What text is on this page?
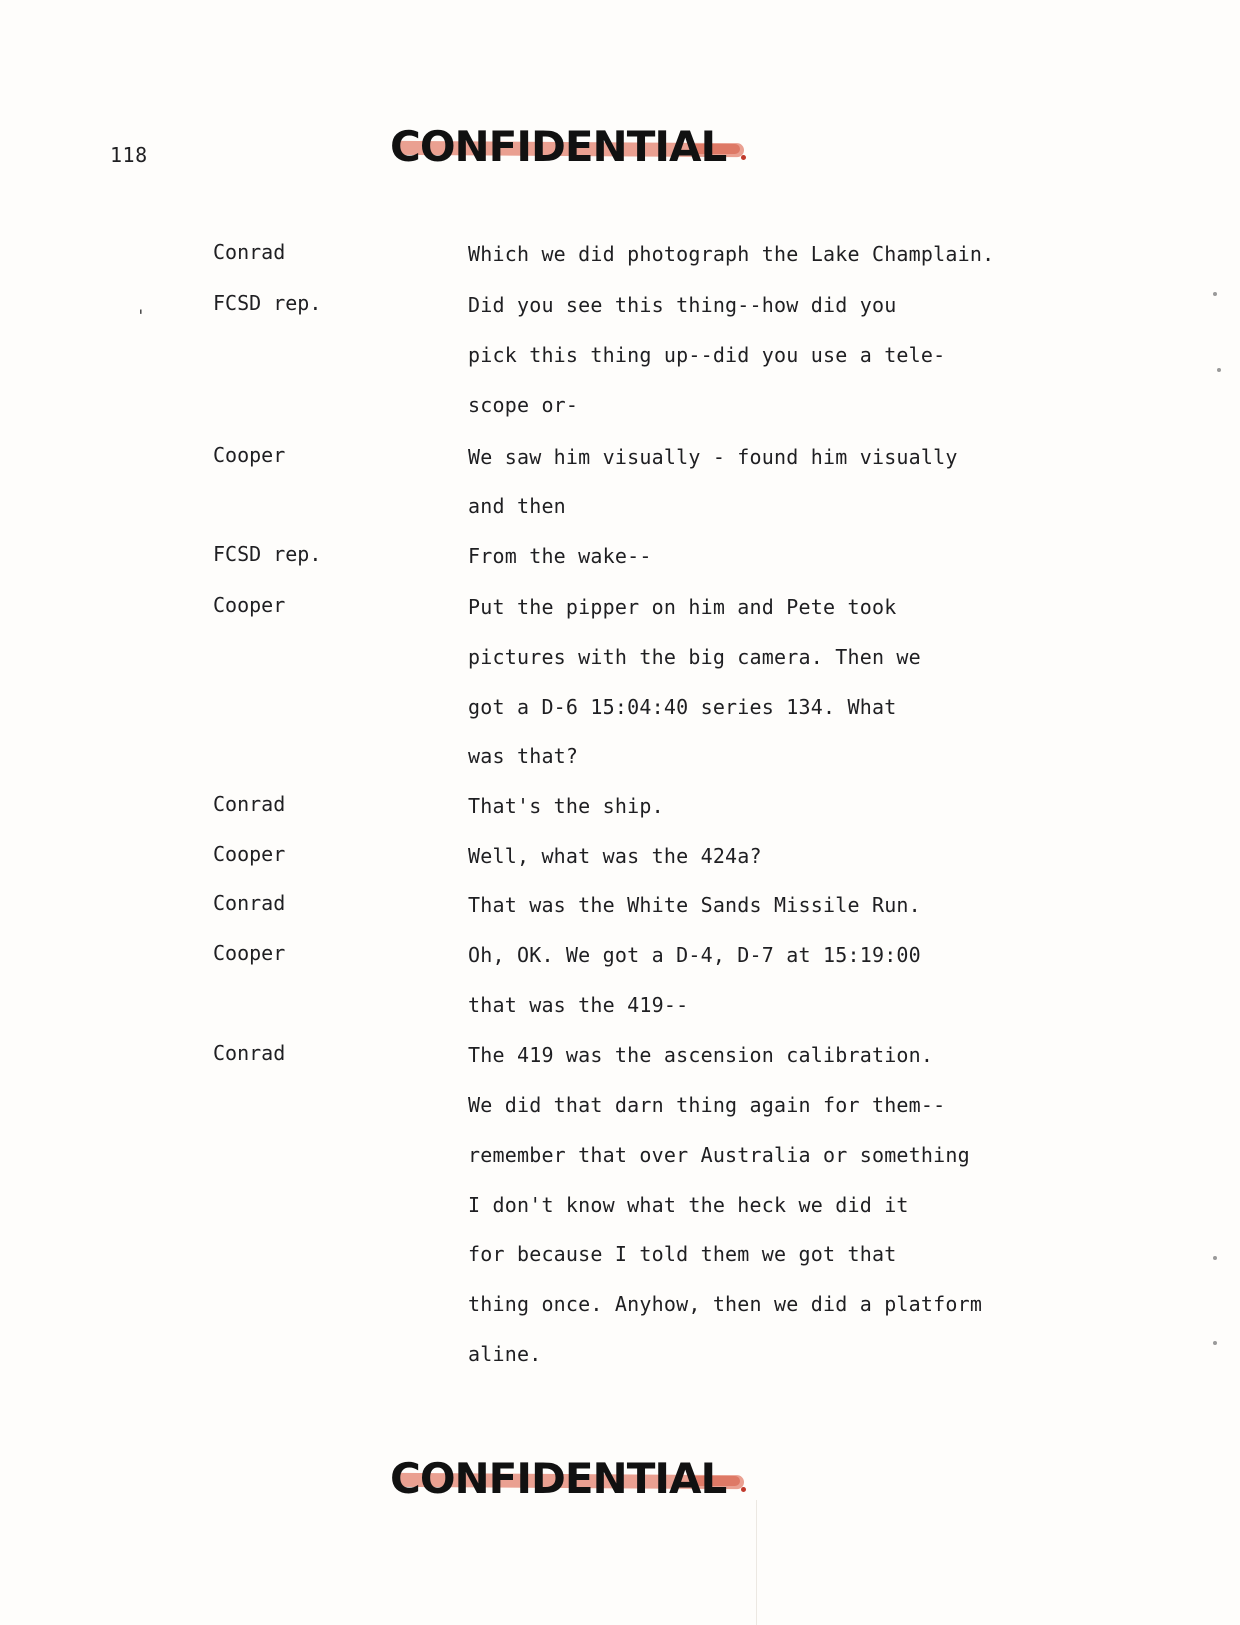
118	CONFIDENTIAL
'
Conrad	Which we did photograph the Lake Champlain.
FCSD rep.	Did you see this thing--how did you
pick this thing up--did you use a tele-
scope or-
Cooper	We saw him visually - found him visually
and then
FCSD rep.	From the wake--
Cooper	Put the pipper on him and Pete took
pictures with the big camera. Then we
got a D-6 15:04:40 series 134. What
was that?
Conrad	That's the ship.
Cooper	Well, what was the 424a?
Conrad	That was the White Sands Missile Run.
Cooper	Oh, OK. We got a D-4, D-7 at 15:19:00
that was the 419--
Conrad	The 419 was the ascension calibration.
We did that darn thing again for them--
remember that over Australia or something
I don't know what the heck we did it
for because I told them we got that
thing once. Anyhow, then we did a platform
aline.
CONFIDENTIAL
